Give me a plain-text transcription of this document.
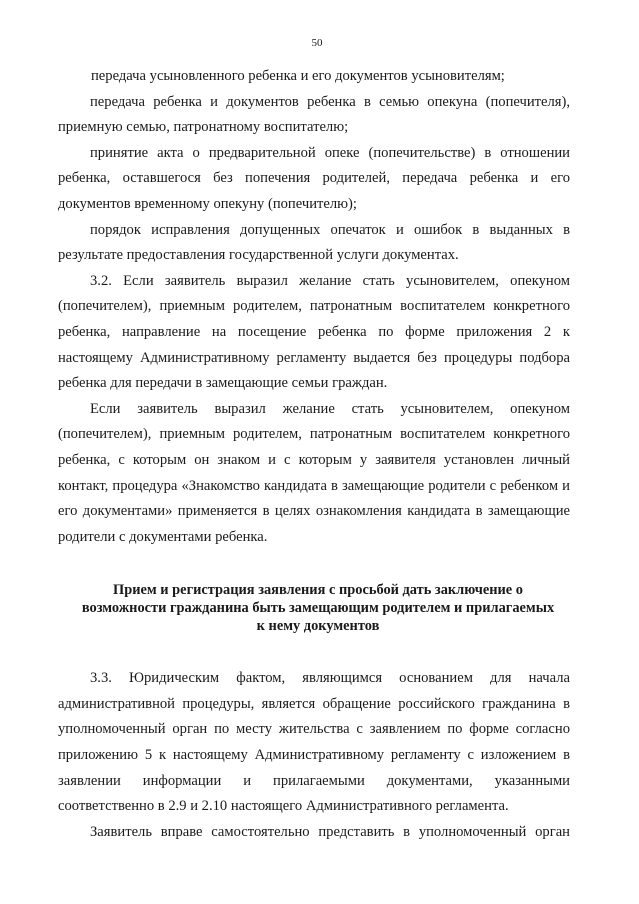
50

передача усыновленного ребенка и его документов усыновителям;

передача ребенка и документов ребенка в семью опекуна (попечителя), приемную семью, патронатному воспитателю;

принятие акта о предварительной опеке (попечительстве) в отношении ребенка, оставшегося без попечения родителей, передача ребенка и его документов временному опекуну (попечителю);

порядок исправления допущенных опечаток и ошибок в выданных в результате предоставления государственной услуги документах.

3.2. Если заявитель выразил желание стать усыновителем, опекуном (попечителем), приемным родителем, патронатным воспитателем конкретного ребенка, направление на посещение ребенка по форме приложения 2 к настоящему Административному регламенту выдается без процедуры подбора ребенка для передачи в замещающие семьи граждан.

Если заявитель выразил желание стать усыновителем, опекуном (попечителем), приемным родителем, патронатным воспитателем конкретного ребенка, с которым он знаком и с которым у заявителя установлен личный контакт, процедура «Знакомство кандидата в замещающие родители с ребенком и его документами» применяется в целях ознакомления кандидата в замещающие родители с документами ребенка.

Прием и регистрация заявления с просьбой дать заключение о возможности гражданина быть замещающим родителем и прилагаемых к нему документов

3.3. Юридическим фактом, являющимся основанием для начала административной процедуры, является обращение российского гражданина в уполномоченный орган по месту жительства с заявлением по форме согласно приложению 5 к настоящему Административному регламенту с изложением в заявлении информации и прилагаемыми документами, указанными соответственно в 2.9 и 2.10 настоящего Административного регламента.

Заявитель вправе самостоятельно представить в уполномоченный орган
